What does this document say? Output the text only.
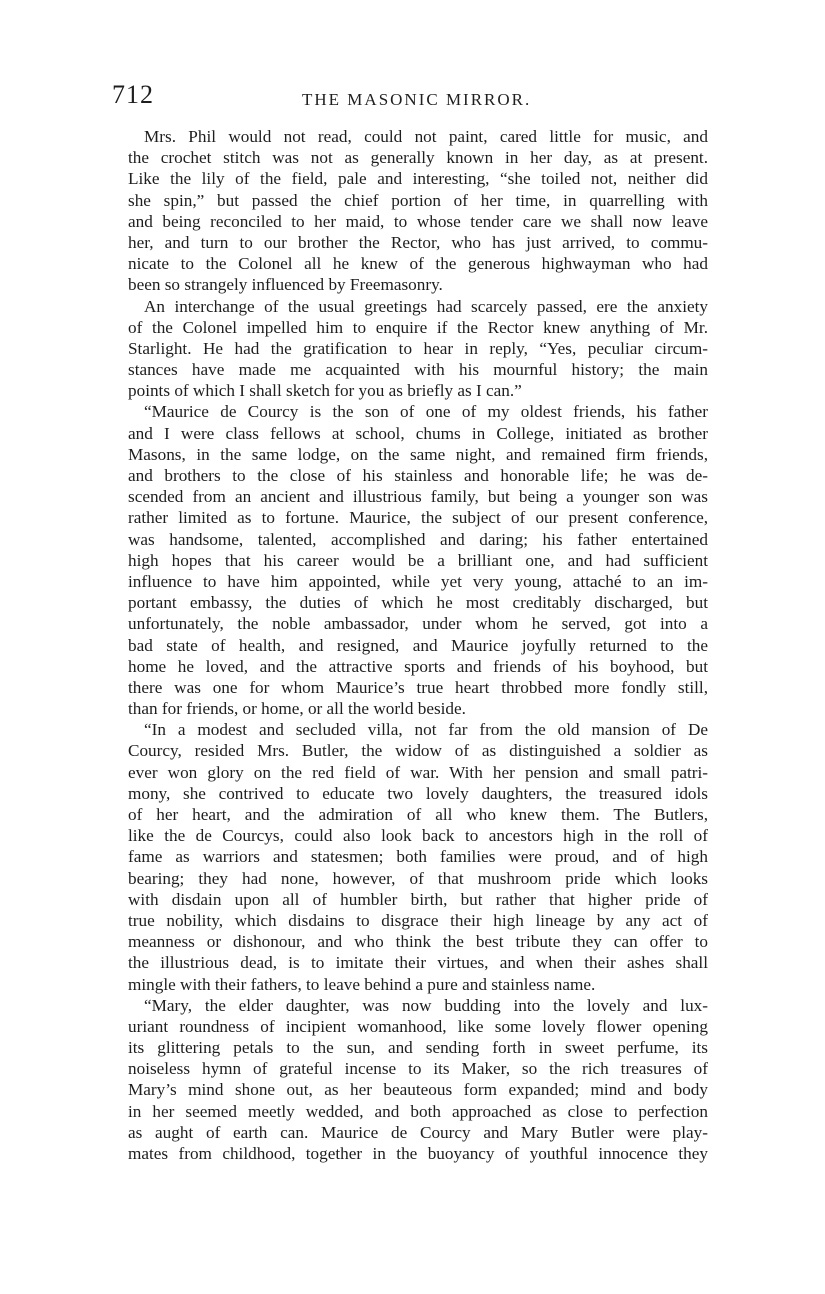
712	THE MASONIC MIRROR.
Mrs. Phil would not read, could not paint, cared little for music, and
the crochet stitch was not as generally known in her day, as at present.
Like the lily of the field, pale and interesting, “she toiled not, neither did
she spin,” but passed the chief portion of her time, in quarrelling with
and being reconciled to her maid, to whose tender care we shall now leave
her, and turn to our brother the Rector, who has just arrived, to commu-
nicate to the Colonel all he knew of the generous highwayman who had
been so strangely influenced by Freemasonry.
An interchange of the usual greetings had scarcely passed, ere the anxiety
of the Colonel impelled him to enquire if the Rector knew anything of Mr.
Starlight. He had the gratification to hear in reply, “Yes, peculiar circum-
stances have made me acquainted with his mournful history; the main
points of which I shall sketch for you as briefly as I can.”
“Maurice de Courcy is the son of one of my oldest friends, his father
and I were class fellows at school, chums in College, initiated as brother
Masons, in the same lodge, on the same night, and remained firm friends,
and brothers to the close of his stainless and honorable life; he was de-
scended from an ancient and illustrious family, but being a younger son was
rather limited as to fortune. Maurice, the subject of our present conference,
was handsome, talented, accomplished and daring; his father entertained
high hopes that his career would be a brilliant one, and had sufficient
influence to have him appointed, while yet very young, attaché to an im-
portant embassy, the duties of which he most creditably discharged, but
unfortunately, the noble ambassador, under whom he served, got into a
bad state of health, and resigned, and Maurice joyfully returned to the
home he loved, and the attractive sports and friends of his boyhood, but
there was one for whom Maurice’s true heart throbbed more fondly still,
than for friends, or home, or all the world beside.
“In a modest and secluded villa, not far from the old mansion of De
Courcy, resided Mrs. Butler, the widow of as distinguished a soldier as
ever won glory on the red field of war. With her pension and small patri-
mony, she contrived to educate two lovely daughters, the treasured idols
of her heart, and the admiration of all who knew them. The Butlers,
like the de Courcys, could also look back to ancestors high in the roll of
fame as warriors and statesmen; both families were proud, and of high
bearing; they had none, however, of that mushroom pride which looks
with disdain upon all of humbler birth, but rather that higher pride of
true nobility, which disdains to disgrace their high lineage by any act of
meanness or dishonour, and who think the best tribute they can offer to
the illustrious dead, is to imitate their virtues, and when their ashes shall
mingle with their fathers, to leave behind a pure and stainless name.
“Mary, the elder daughter, was now budding into the lovely and lux-
uriant roundness of incipient womanhood, like some lovely flower opening
its glittering petals to the sun, and sending forth in sweet perfume, its
noiseless hymn of grateful incense to its Maker, so the rich treasures of
Mary’s mind shone out, as her beauteous form expanded; mind and body
in her seemed meetly wedded, and both approached as close to perfection
as aught of earth can. Maurice de Courcy and Mary Butler were play-
mates from childhood, together in the buoyancy of youthful innocence they
